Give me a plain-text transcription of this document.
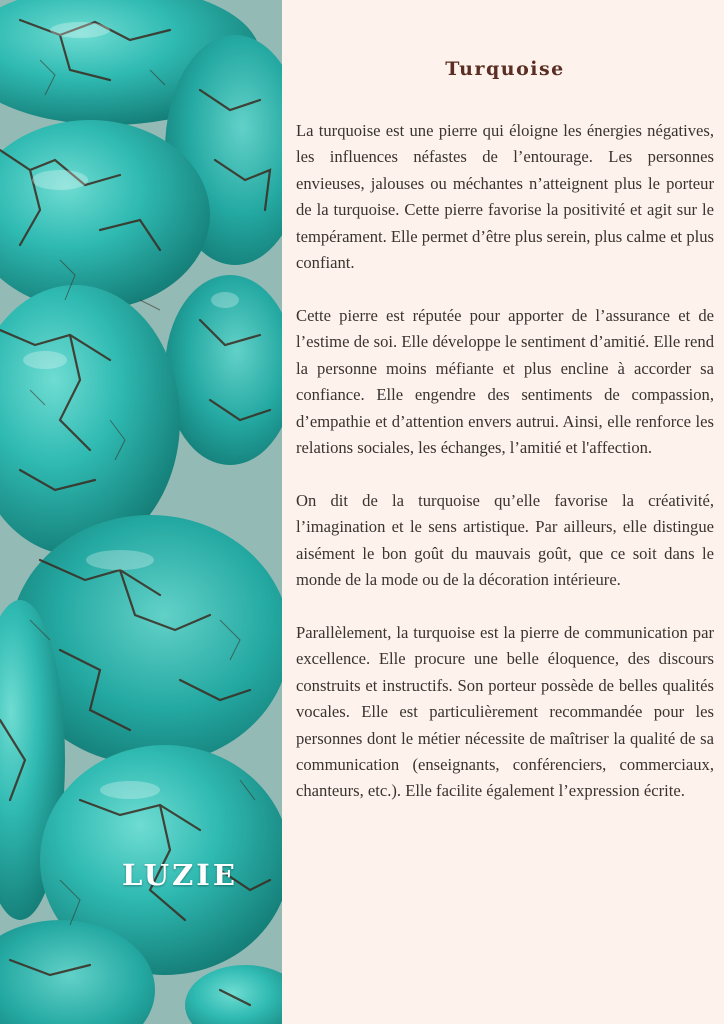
LUZIE
Turquoise

La turquoise est une pierre qui éloigne les énergies négatives, les influences néfastes de l’entourage. Les personnes envieuses, jalouses ou méchantes n’atteignent plus le porteur de la turquoise. Cette pierre favorise la positivité et agit sur le tempérament. Elle permet d’être plus serein, plus calme et plus confiant.

Cette pierre est réputée pour apporter de l’assurance et de l’estime de soi. Elle développe le sentiment d’amitié. Elle rend la personne moins méfiante et plus encline à accorder sa confiance. Elle engendre des sentiments de compassion, d’empathie et d’attention envers autrui. Ainsi, elle renforce les relations sociales, les échanges, l’amitié et l'affection.

On dit de la turquoise qu’elle favorise la créativité, l’imagination et le sens artistique. Par ailleurs, elle distingue aisément le bon goût du mauvais goût, que ce soit dans le monde de la mode ou de la décoration intérieure.

Parallèlement, la turquoise est la pierre de communication par excellence. Elle procure une belle éloquence, des discours construits et instructifs. Son porteur possède de belles qualités vocales. Elle est particulièrement recommandée pour les personnes dont le métier nécessite de maîtriser la qualité de sa communication (enseignants, conférenciers, commerciaux, chanteurs, etc.). Elle facilite également l’expression écrite.
